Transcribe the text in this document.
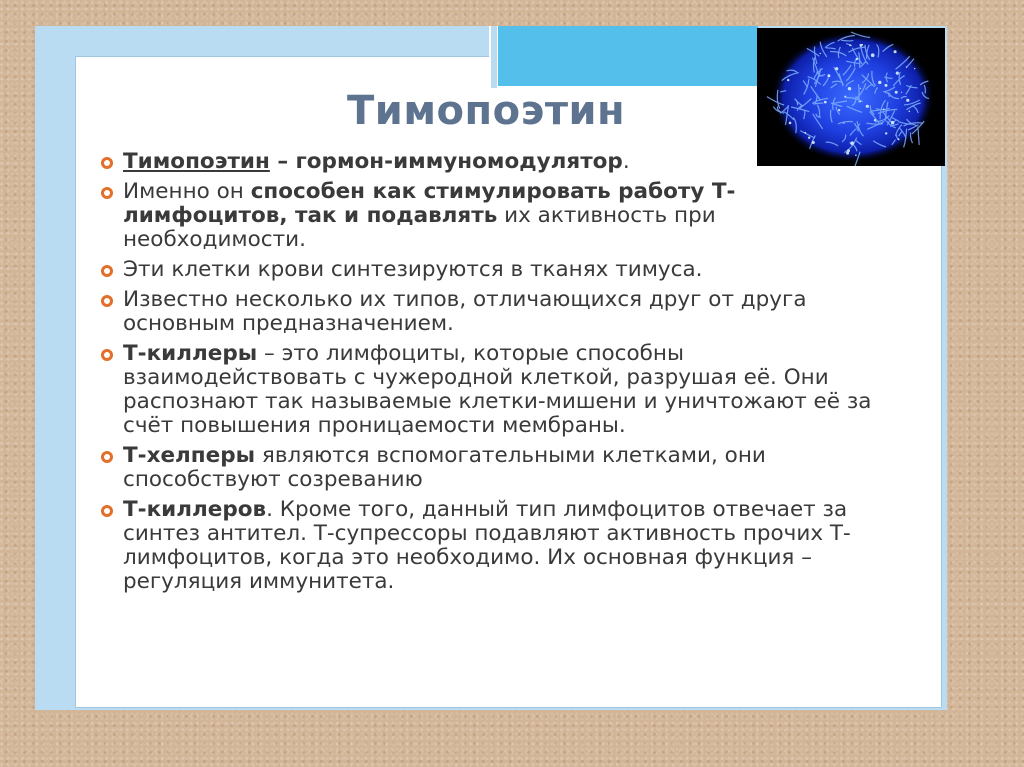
Тимопоэтин
Тимопоэтин – гормон-иммуномодулятор.
Именно он способен как стимулировать работу Т-лимфоцитов, так и подавлять их активность при необходимости.
Эти клетки крови синтезируются в тканях тимуса.
Известно несколько их типов, отличающихся друг от друга основным предназначением.
Т-киллеры – это лимфоциты, которые способны взаимодействовать с чужеродной клеткой, разрушая её. Они распознают так называемые клетки-мишени и уничтожают её за счёт повышения проницаемости мембраны.
Т-хелперы являются вспомогательными клетками, они способствуют созреванию
Т-киллеров. Кроме того, данный тип лимфоцитов отвечает за синтез антител. Т-супрессоры подавляют активность прочих Т-лимфоцитов, когда это необходимо. Их основная функция – регуляция иммунитета.
